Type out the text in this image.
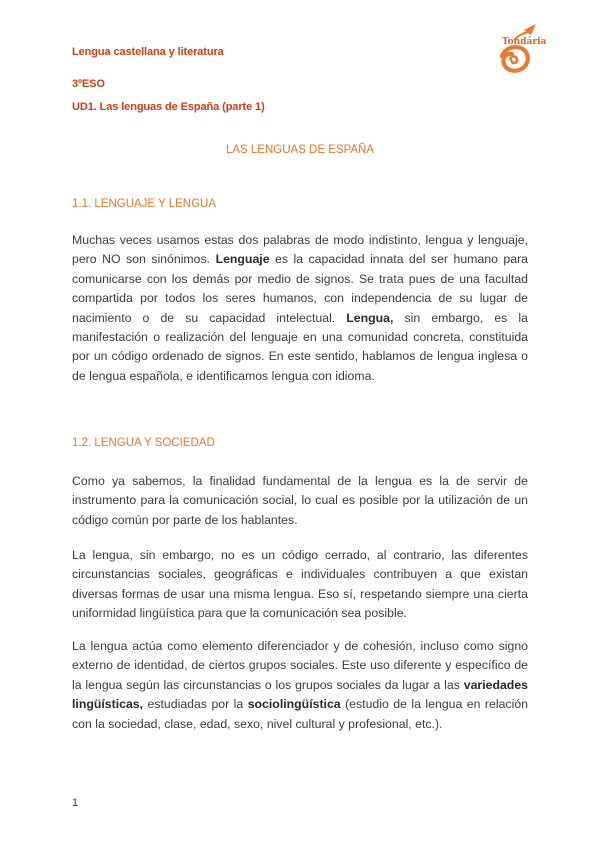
Lengua castellana y literatura
3ºESO
UD1. Las lenguas de España (parte 1)
Tondária
LAS LENGUAS DE ESPAÑA
1.1. LENGUAJE Y LENGUA

Muchas veces usamos estas dos palabras de modo indistinto, lengua y lenguaje, pero NO son sinónimos. Lenguaje es la capacidad innata del ser humano para comunicarse con los demás por medio de signos. Se trata pues de una facultad compartida por todos los seres humanos, con independencia de su lugar de nacimiento o de su capacidad intelectual. Lengua, sin embargo, es la manifestación o realización del lenguaje en una comunidad concreta, constituida por un código ordenado de signos. En este sentido, hablamos de lengua inglesa o de lengua española, e identificamos lengua con idioma.

1.2. LENGUA Y SOCIEDAD

Como ya sabemos, la finalidad fundamental de la lengua es la de servir de instrumento para la comunicación social, lo cual es posible por la utilización de un código común por parte de los hablantes.

La lengua, sin embargo, no es un código cerrado, al contrario, las diferentes circunstancias sociales, geográficas e individuales contribuyen a que existan diversas formas de usar una misma lengua. Eso sí, respetando siempre una cierta uniformidad lingüística para que la comunicación sea posible.

La lengua actúa como elemento diferenciador y de cohesión, incluso como signo externo de identidad, de ciertos grupos sociales. Este uso diferente y específico de la lengua según las circunstancias o los grupos sociales da lugar a las variedades lingüísticas, estudiadas por la sociolingüística (estudio de la lengua en relación con la sociedad, clase, edad, sexo, nivel cultural y profesional, etc.).

1
